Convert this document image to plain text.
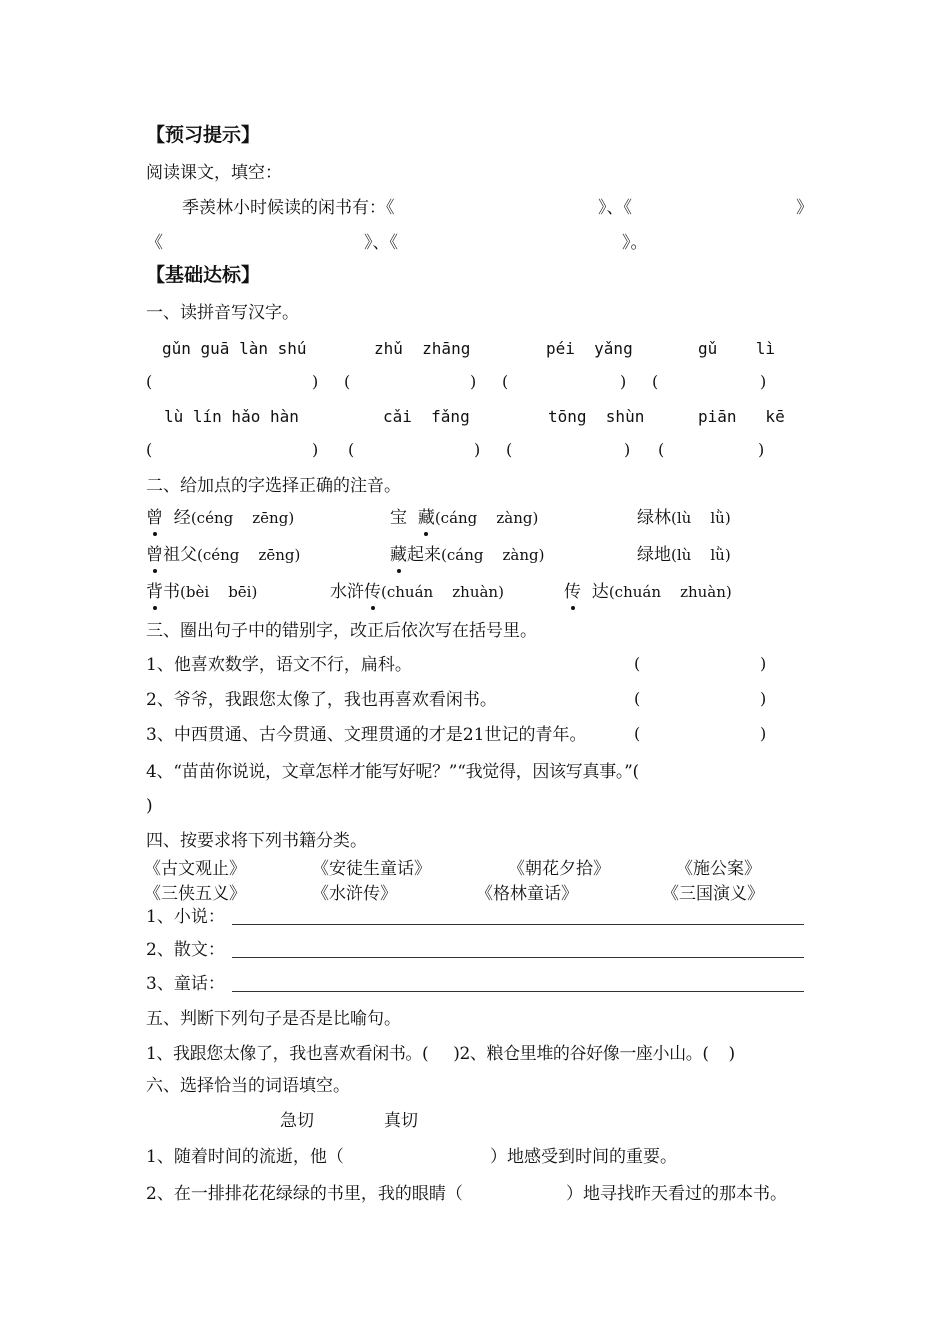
【预习提示】
阅读课文，填空：
季羡林小时候读的闲书有：《	》、《	》
《	》、《	》。
【基础达标】
一、读拼音写汉字。
gǔn guā làn shú	zhǔ  zhāng	péi  yǎng	gǔ    lì
(	) (	) (	) (	)
lù lín hǎo hàn	cǎi  fǎng	tōng  shùn	piān   kē
(	) (	) (	) (	)
二、给加点的字选择正确的注音。
曾  经(céng    zēng)	宝  藏(cáng    zàng)	绿林(lù    lǜ)
曾祖父(céng    zēng)	藏起来(cáng    zàng)	绿地(lù    lǜ)
背书(bèi    bēi)	水浒传(chuán    zhuàn)	传  达(chuán    zhuàn)
三、圈出句子中的错别字，改正后依次写在括号里。
1、他喜欢数学，语文不行，扁科。	(	)
2、爷爷，我跟您太像了，我也再喜欢看闲书。	(	)
3、中西贯通、古今贯通、文理贯通的才是21世记的青年。	(	)
4、“苗苗你说说，文章怎样才能写好呢？”“我觉得，因该写真事。”(
)
四、按要求将下列书籍分类。
《古文观止》	《安徒生童话》	《朝花夕拾》	《施公案》
《三侠五义》	《水浒传》	《格林童话》	《三国演义》
1、小说：
2、散文：
3、童话：
五、判断下列句子是否是比喻句。
1、我跟您太像了，我也喜欢看闲书。(     )2、粮仓里堆的谷好像一座小山。(    )
六、选择恰当的词语填空。
急切	真切
1、随着时间的流逝，他（	）地感受到时间的重要。
2、在一排排花花绿绿的书里，我的眼睛（	）地寻找昨天看过的那本书。
